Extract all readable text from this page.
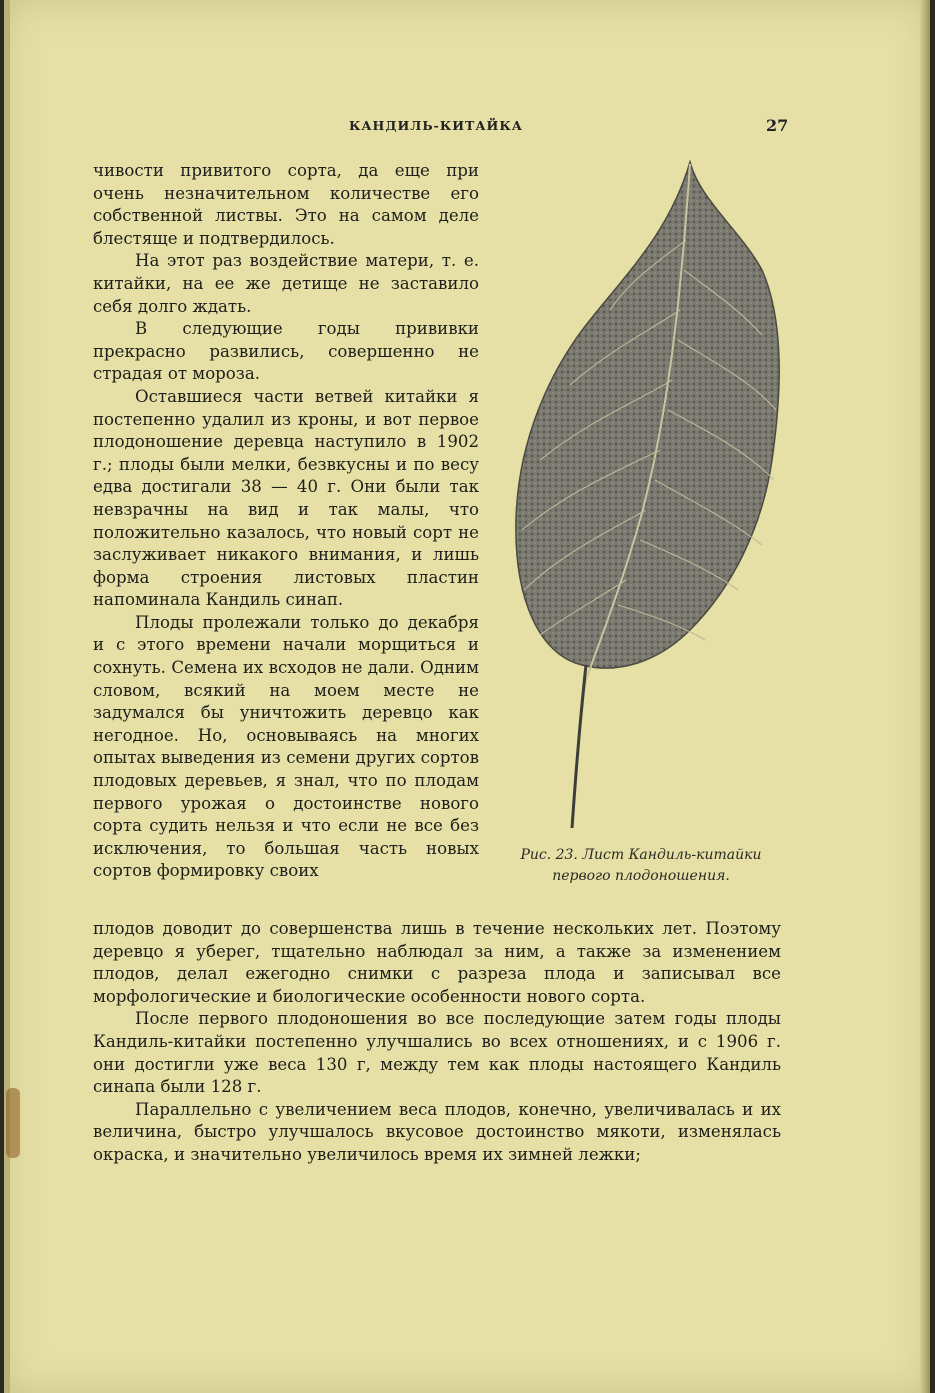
КАНДИЛЬ-КИТАЙКА	27

чивости привитого сорта, да еще при очень незначительном количестве его собственной листвы. Это на самом деле блестяще и подтвердилось.

На этот раз воздействие матери, т. е. китайки, на ее же детище не заставило себя долго ждать.

В следующие годы прививки прекрасно развились, совершенно не страдая от мороза.

Оставшиеся части ветвей китайки я постепенно удалил из кроны, и вот первое плодоношение деревца наступило в 1902 г.; плоды были мелки, безвкусны и по весу едва достигали 38 — 40 г. Они были так невзрачны на вид и так малы, что положительно казалось, что новый сорт не заслуживает никакого внимания, и лишь форма строения листовых пластин напоминала Кандиль синап.

Плоды пролежали только до декабря и с этого времени начали морщиться и сохнуть. Семена их всходов не дали. Одним словом, всякий на моем месте не задумался бы уничтожить деревцо как негодное. Но, основываясь на многих опытах выведения из семени других сортов плодовых деревьев, я знал, что по плодам первого урожая о достоинстве нового сорта судить нельзя и что если не все без исключения, то большая часть новых сортов формировку своих

Рис. 23. Лист Кандиль-китайки
первого плодоношения.

плодов доводит до совершенства лишь в течение нескольких лет. Поэтому деревцо я уберег, тщательно наблюдал за ним, а также за изменением плодов, делал ежегодно снимки с разреза плода и записывал все морфологические и биологические особенности нового сорта.

После первого плодоношения во все последующие затем годы плоды Кандиль-китайки постепенно улучшались во всех отношениях, и с 1906 г. они достигли уже веса 130 г, между тем как плоды настоящего Кандиль синапа были 128 г.

Параллельно с увеличением веса плодов, конечно, увеличивалась и их величина, быстро улучшалось вкусовое достоинство мякоти, изменялась окраска, и значительно увеличилось время их зимней лежки;
